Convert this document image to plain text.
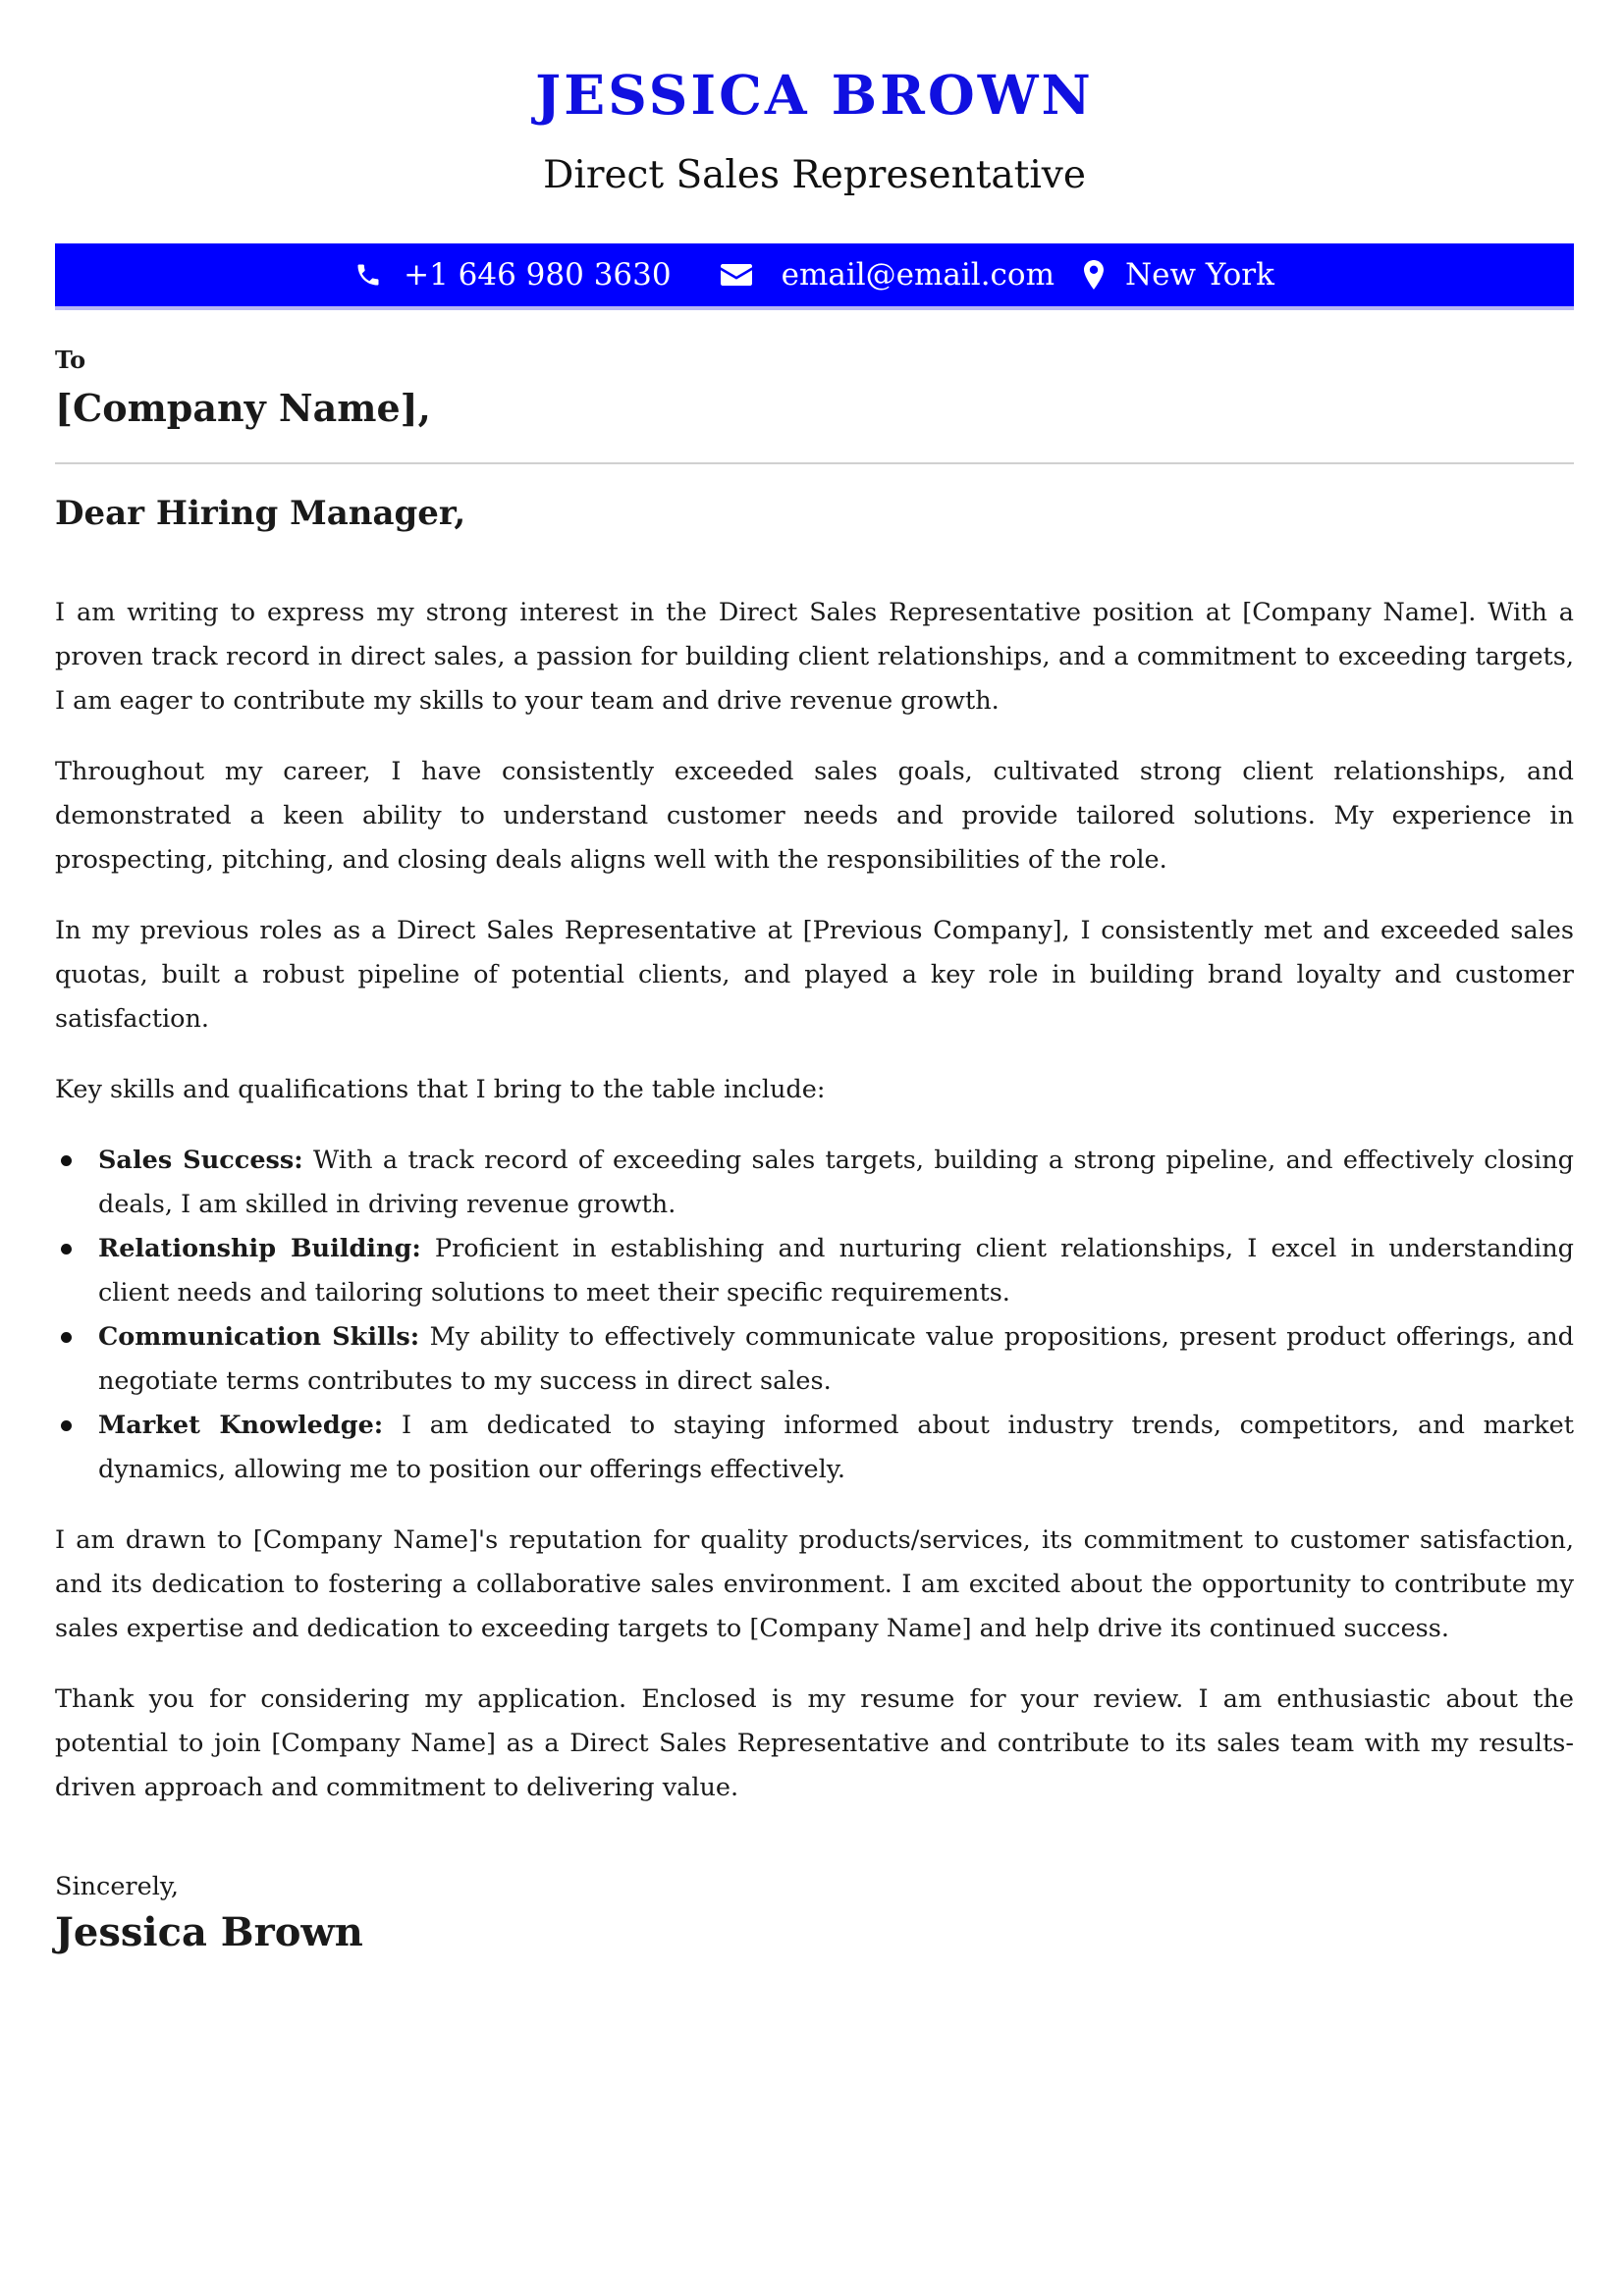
JESSICA BROWN
Direct Sales Representative
+1 646 980 3630	email@email.com New York
To
[Company Name],
Dear Hiring Manager,

I am writing to express my strong interest in the Direct Sales Representative position at [Company Name]. With a proven track record in direct sales, a passion for building client relationships, and a commitment to exceeding targets, I am eager to contribute my skills to your team and drive revenue growth.

Throughout my career, I have consistently exceeded sales goals, cultivated strong client relationships, and demonstrated a keen ability to understand customer needs and provide tailored solutions. My experience in prospecting, pitching, and closing deals aligns well with the responsibilities of the role.

In my previous roles as a Direct Sales Representative at [Previous Company], I consistently met and exceeded sales quotas, built a robust pipeline of potential clients, and played a key role in building brand loyalty and customer satisfaction.

Key skills and qualifications that I bring to the table include:

Sales Success: With a track record of exceeding sales targets, building a strong pipeline, and effectively closing deals, I am skilled in driving revenue growth.
Relationship Building: Proficient in establishing and nurturing client relationships, I excel in understanding client needs and tailoring solutions to meet their specific requirements.
Communication Skills: My ability to effectively communicate value propositions, present product offerings, and negotiate terms contributes to my success in direct sales.
Market Knowledge: I am dedicated to staying informed about industry trends, competitors, and market dynamics, allowing me to position our offerings effectively.

I am drawn to [Company Name]'s reputation for quality products/services, its commitment to customer satisfaction, and its dedication to fostering a collaborative sales environment. I am excited about the opportunity to contribute my sales expertise and dedication to exceeding targets to [Company Name] and help drive its continued success.

Thank you for considering my application. Enclosed is my resume for your review. I am enthusiastic about the potential to join [Company Name] as a Direct Sales Representative and contribute to its sales team with my results-driven approach and commitment to delivering value.

Sincerely,
Jessica Brown
